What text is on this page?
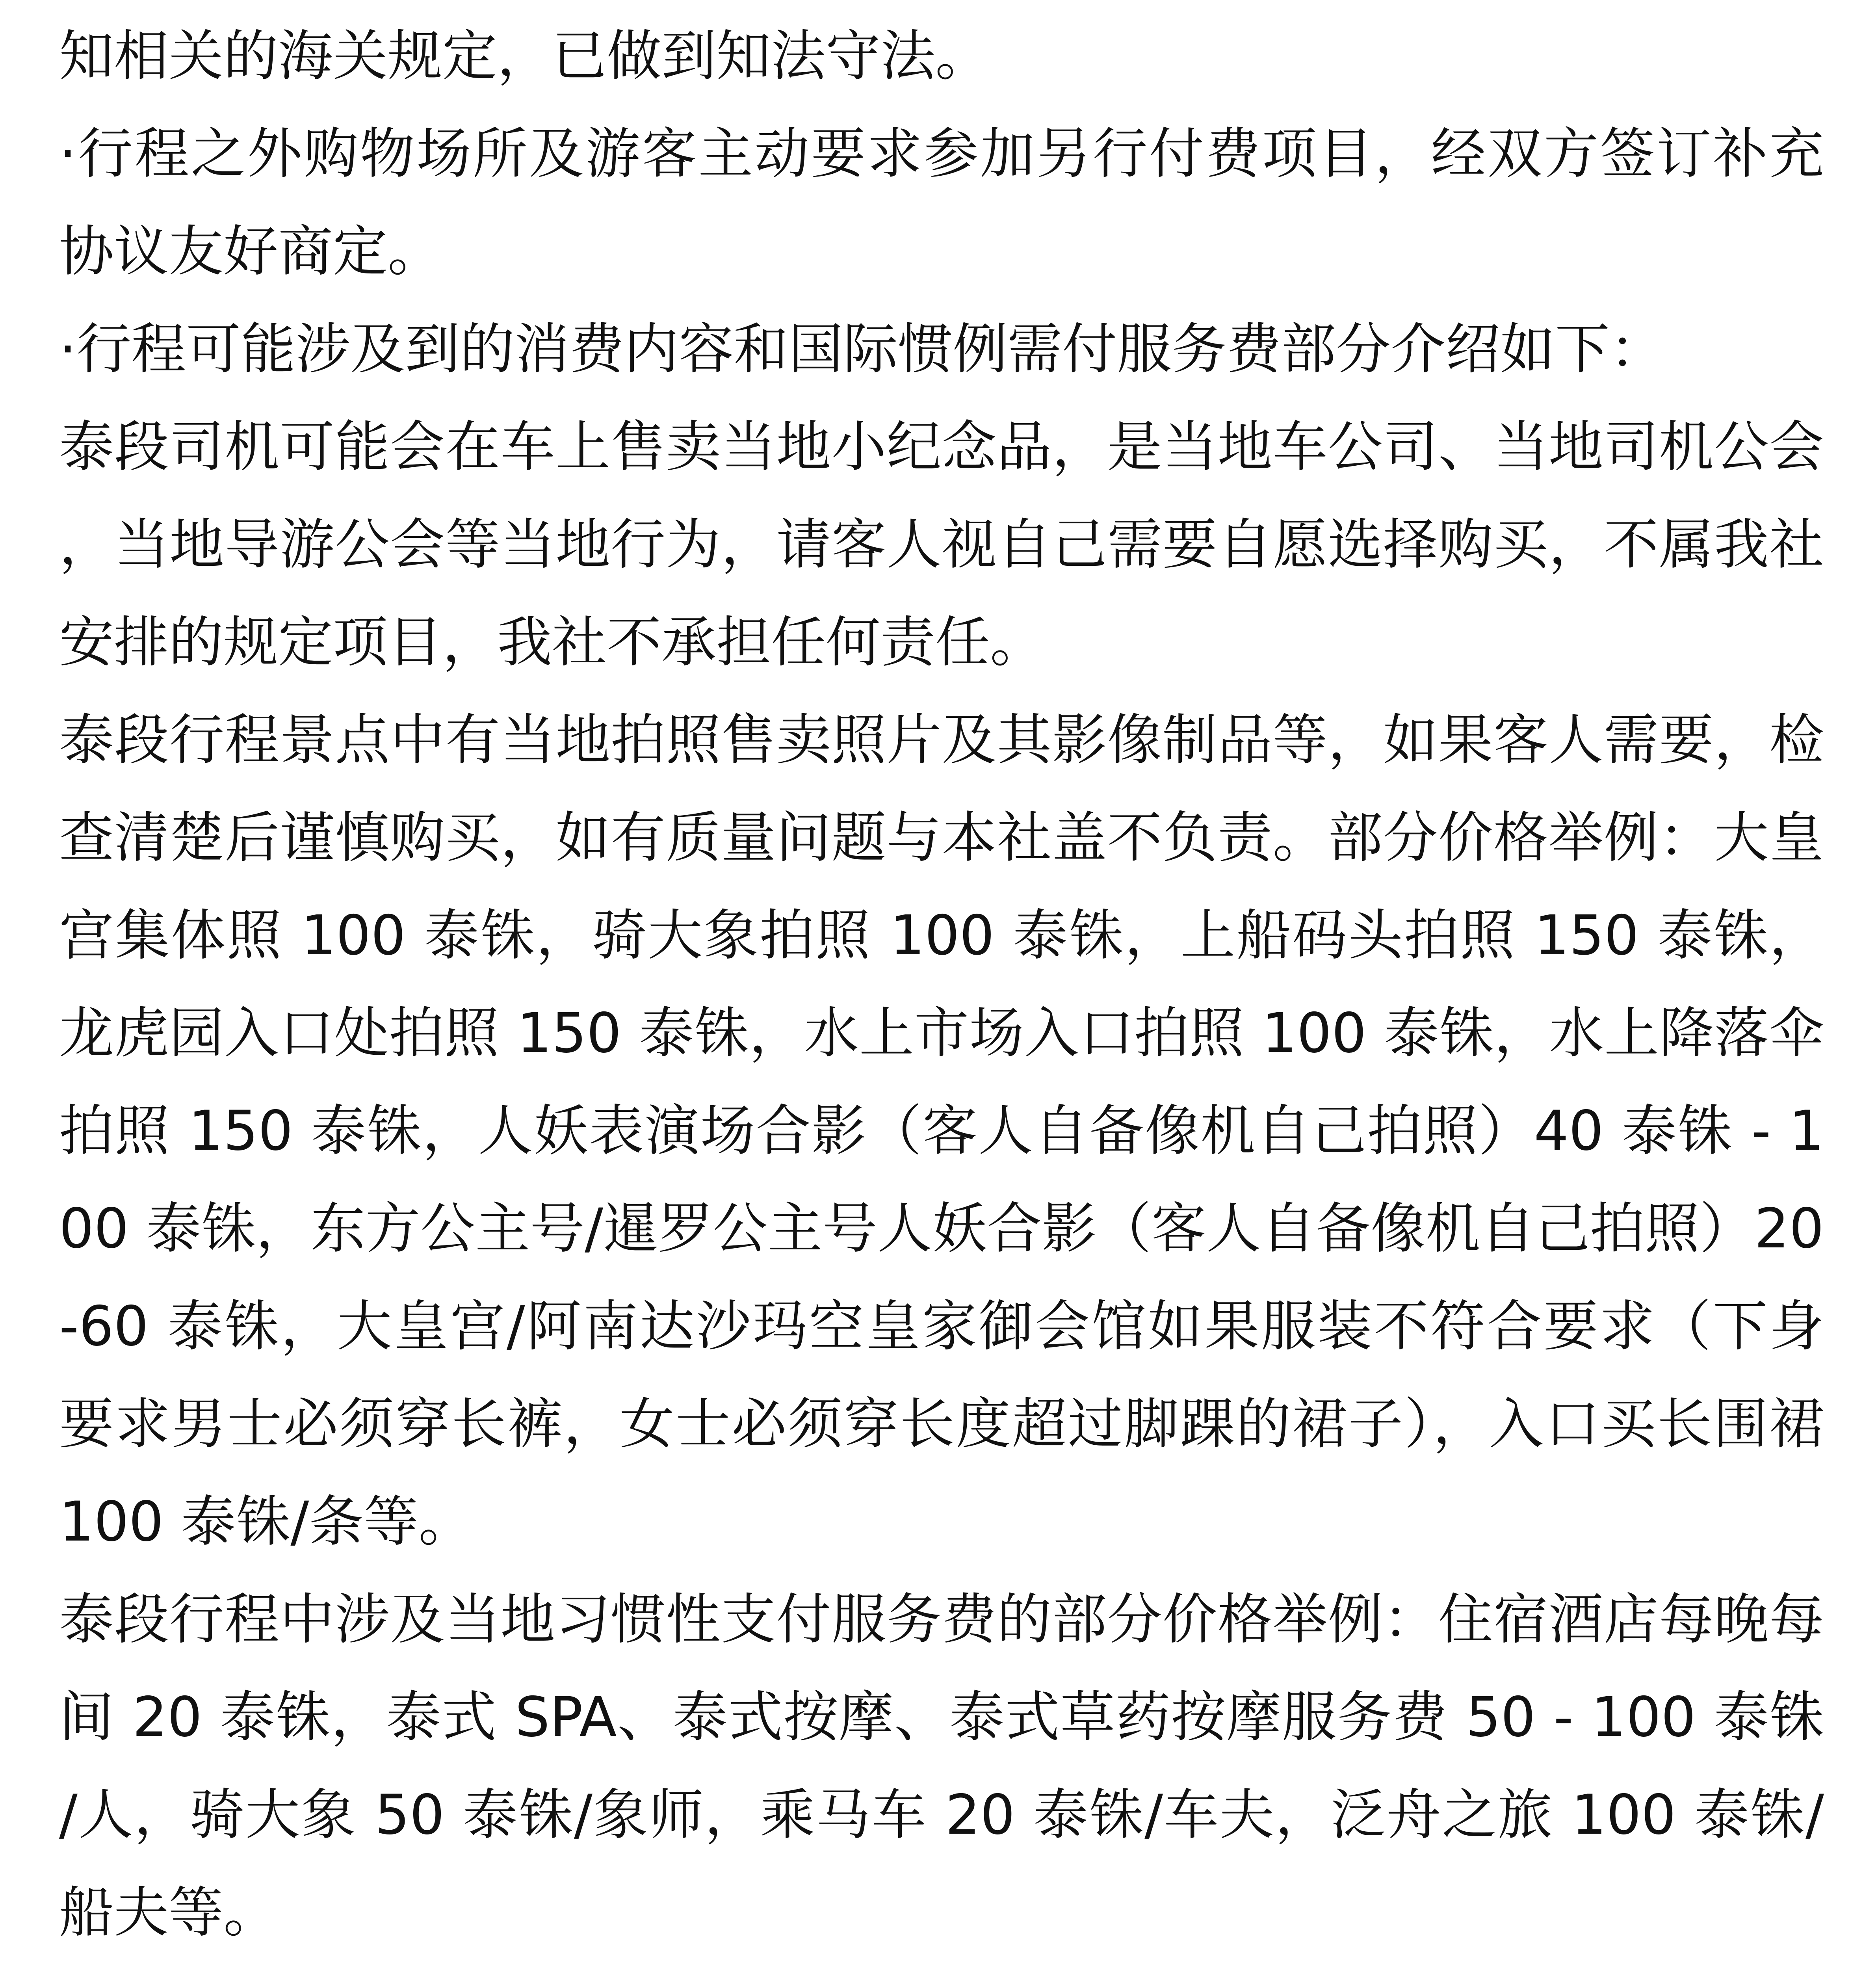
知相关的海关规定，已做到知法守法。

·行程之外购物场所及游客主动要求参加另行付费项目，经双方签订补充协议友好商定。

·行程可能涉及到的消费内容和国际惯例需付服务费部分介绍如下：

泰段司机可能会在车上售卖当地小纪念品，是当地车公司、当地司机公会，当地导游公会等当地行为，请客人视自己需要自愿选择购买，不属我社安排的规定项目，我社不承担任何责任。

泰段行程景点中有当地拍照售卖照片及其影像制品等，如果客人需要，检查清楚后谨慎购买，如有质量问题与本社盖不负责。部分价格举例：大皇宫集体照 100 泰铢，骑大象拍照 100 泰铢，上船码头拍照 150 泰铢，龙虎园入口处拍照 150 泰铢，水上市场入口拍照 100 泰铢，水上降落伞拍照 150 泰铢，人妖表演场合影（客人自备像机自己拍照）40 泰铢 - 100 泰铢，东方公主号/暹罗公主号人妖合影（客人自备像机自己拍照）20-60 泰铢，大皇宫/阿南达沙玛空皇家御会馆如果服装不符合要求（下身要求男士必须穿长裤，女士必须穿长度超过脚踝的裙子），入口买长围裙 100 泰铢/条等。

泰段行程中涉及当地习惯性支付服务费的部分价格举例：住宿酒店每晚每间 20 泰铢，泰式 SPA、泰式按摩、泰式草药按摩服务费 50 - 100 泰铢/人，骑大象 50 泰铢/象师，乘马车 20 泰铢/车夫，泛舟之旅 100 泰铢/船夫等。
